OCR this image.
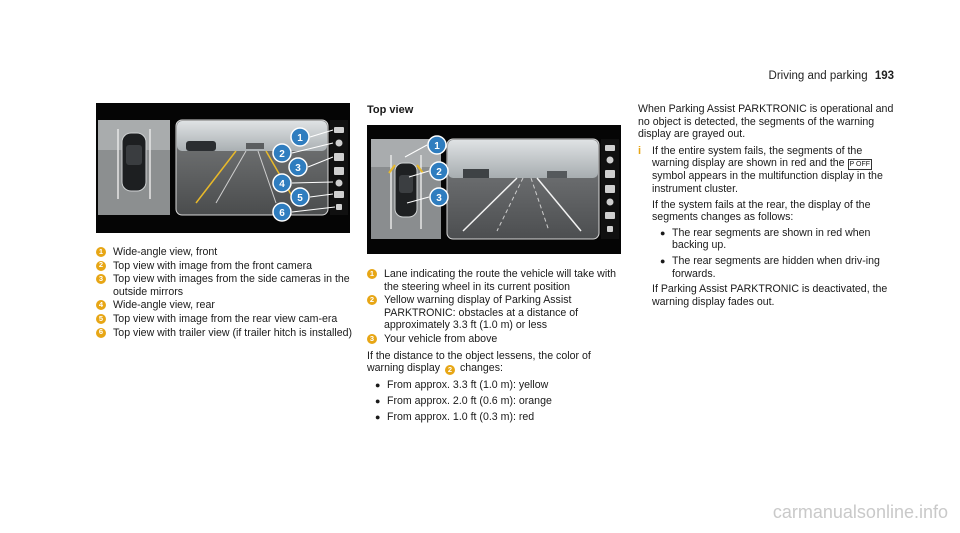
Driving and parking 193
1
2
3
4
5
6
1 Wide-angle view, front
2 Top view with image from the front camera
3 Top view with images from the side cameras in the outside mirrors
4 Wide-angle view, rear
5 Top view with image from the rear view cam-era
6 Top view with trailer view (if trailer hitch is installed)
Top view
1
2
3
1 Lane indicating the route the vehicle will take with the steering wheel in its current position
2 Yellow warning display of Parking Assist PARKTRONIC: obstacles at a distance of approximately 3.3 ft (1.0 m) or less
3 Your vehicle from above

If the distance to the object lessens, the color of warning display 2 changes:

● From approx. 3.3 ft (1.0 m): yellow
● From approx. 2.0 ft (0.6 m): orange
● From approx. 1.0 ft (0.3 m): red

When Parking Assist PARKTRONIC is operational and no object is detected, the segments of the warning display are grayed out.

i	If the entire system fails, the segments of the warning display are shown in red and the P OFF symbol appears in the multifunction display in the instrument cluster.

If the system fails at the rear, the display of the segments changes as follows:

● The rear segments are shown in red when backing up.
● The rear segments are hidden when driv-ing forwards.

If Parking Assist PARKTRONIC is deactivated, the warning display fades out.

carmanualsonline.info
